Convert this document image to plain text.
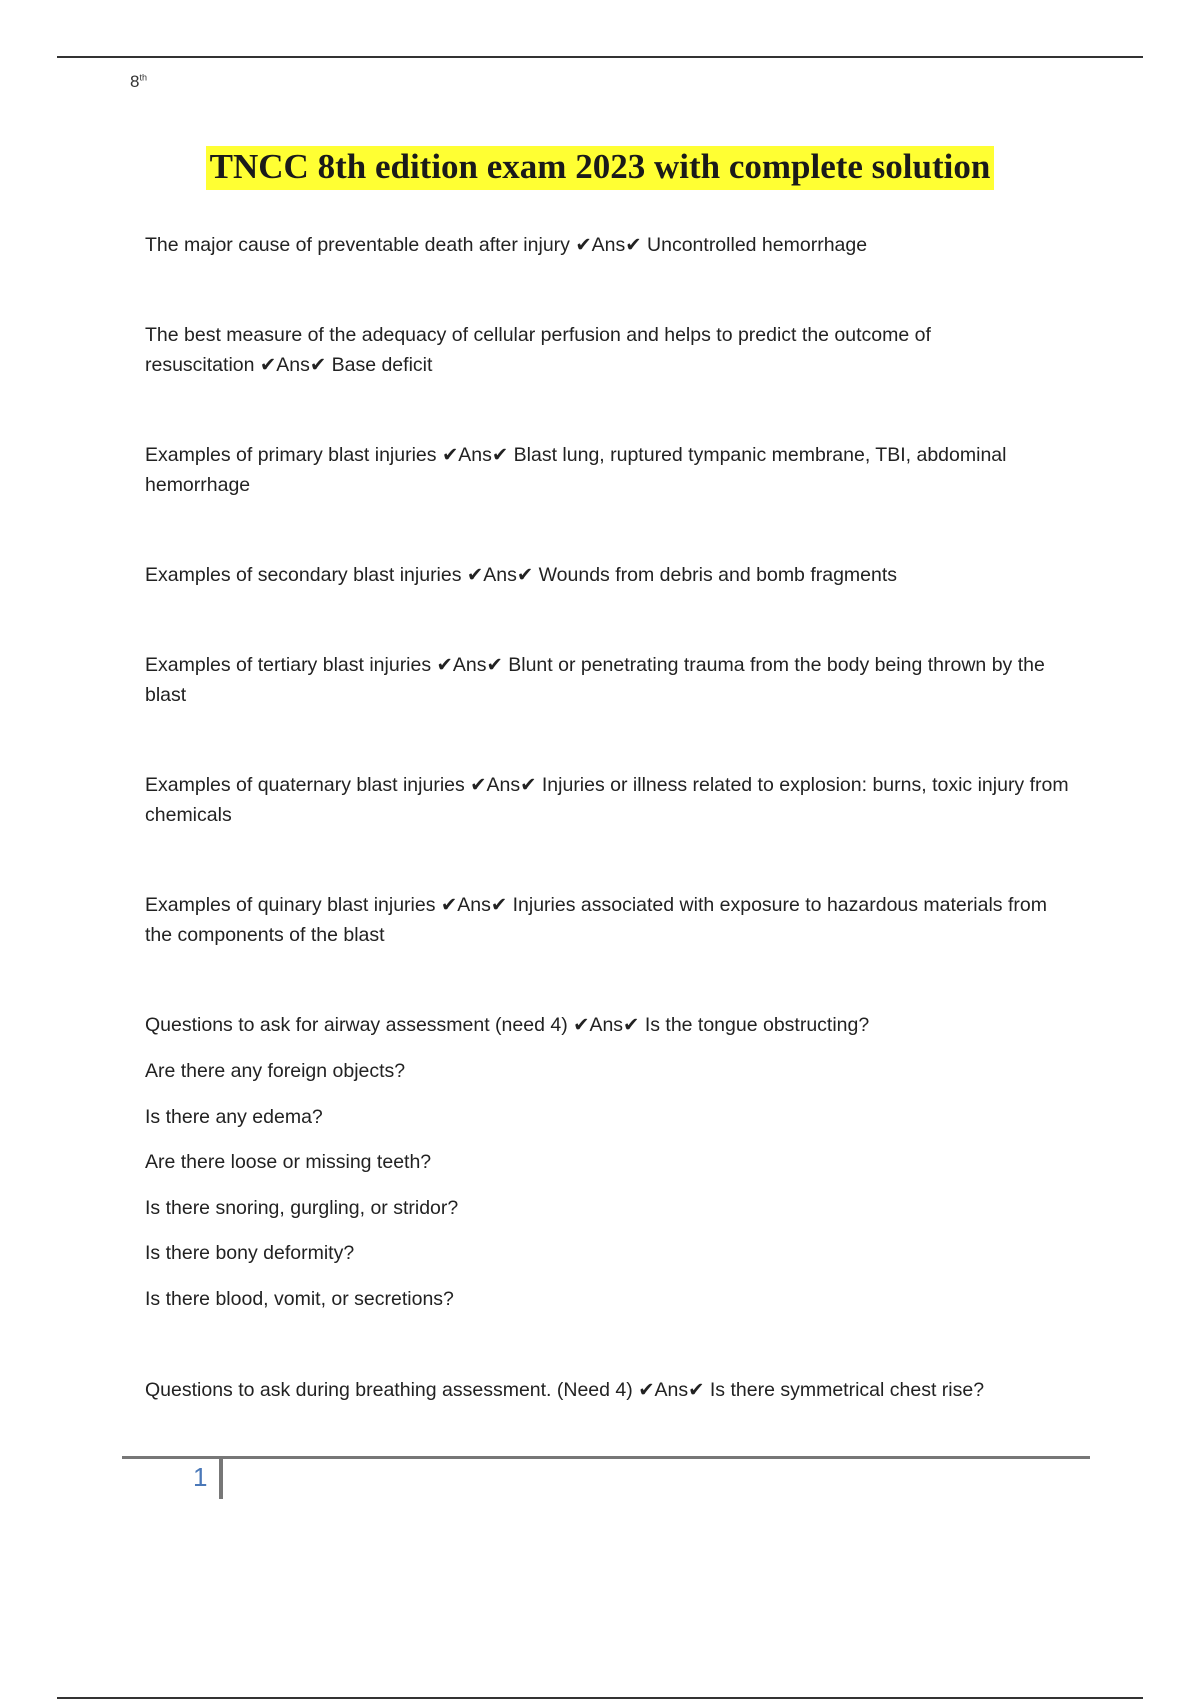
8th
TNCC 8th edition exam 2023 with complete solution

The major cause of preventable death after injury ✔Ans✔ Uncontrolled hemorrhage

The best measure of the adequacy of cellular perfusion and helps to predict the outcome of resuscitation ✔Ans✔ Base deficit

Examples of primary blast injuries ✔Ans✔ Blast lung, ruptured tympanic membrane, TBI, abdominal hemorrhage

Examples of secondary blast injuries ✔Ans✔ Wounds from debris and bomb fragments

Examples of tertiary blast injuries ✔Ans✔ Blunt or penetrating trauma from the body being thrown by the blast

Examples of quaternary blast injuries ✔Ans✔ Injuries or illness related to explosion: burns, toxic injury from chemicals

Examples of quinary blast injuries ✔Ans✔ Injuries associated with exposure to hazardous materials from the components of the blast

Questions to ask for airway assessment (need 4) ✔Ans✔ Is the tongue obstructing?

Are there any foreign objects?

Is there any edema?

Are there loose or missing teeth?

Is there snoring, gurgling, or stridor?

Is there bony deformity?

Is there blood, vomit, or secretions?

Questions to ask during breathing assessment. (Need 4) ✔Ans✔ Is there symmetrical chest rise?

1
